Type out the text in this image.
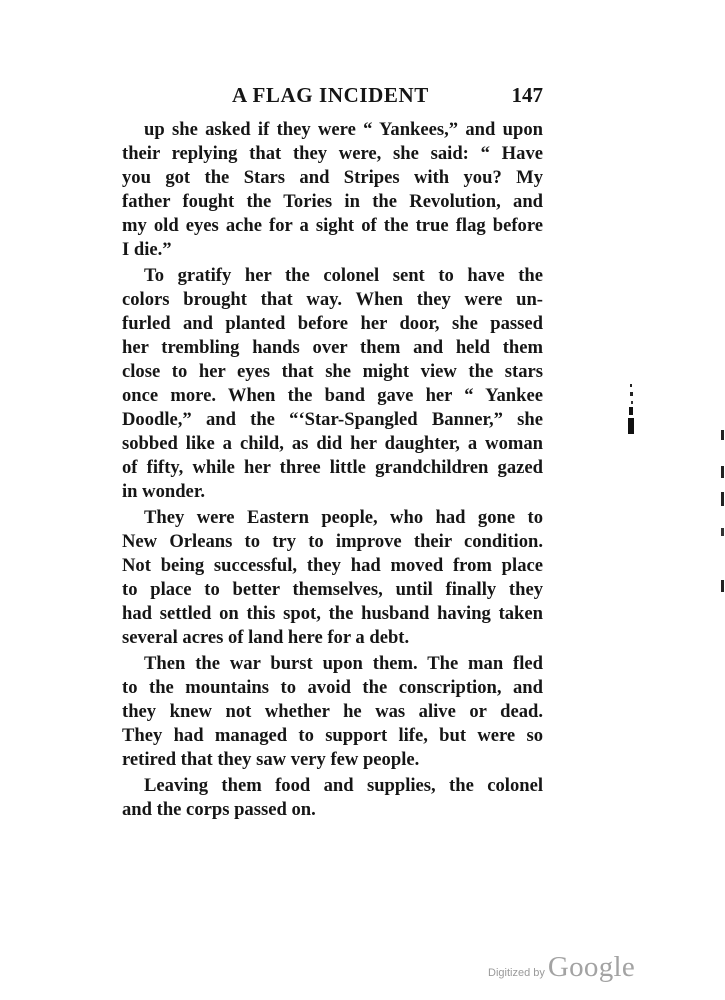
A FLAG INCIDENT	147
up she asked if they were “ Yankees,” and upon
their replying that they were, she said: “ Have
you got the Stars and Stripes with you? My
father fought the Tories in the Revolution, and
my old eyes ache for a sight of the true flag before
I die.”
To gratify her the colonel sent to have the
colors brought that way. When they were un-
furled and planted before her door, she passed
her trembling hands over them and held them
close to her eyes that she might view the stars
once more. When the band gave her “ Yankee
Doodle,” and the “‘Star-Spangled Banner,” she
sobbed like a child, as did her daughter, a woman
of fifty, while her three little grandchildren gazed
in wonder.
They were Eastern people, who had gone to
New Orleans to try to improve their condition.
Not being successful, they had moved from place
to place to better themselves, until finally they
had settled on this spot, the husband having taken
several acres of land here for a debt.
Then the war burst upon them. The man fled
to the mountains to avoid the conscription, and
they knew not whether he was alive or dead.
They had managed to support life, but were so
retired that they saw very few people.
Leaving them food and supplies, the colonel
and the corps passed on.
Digitized by Google
